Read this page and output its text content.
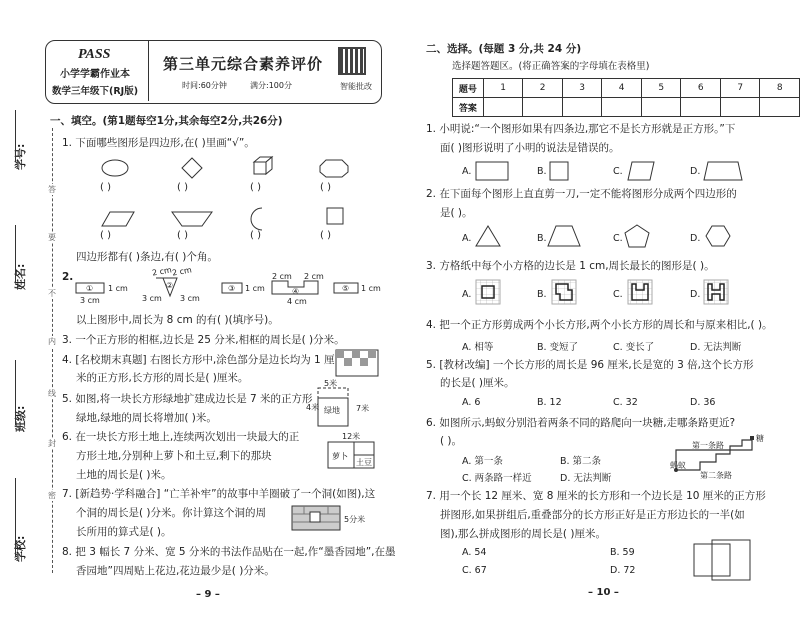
学号:
姓名:
班级:
学校:
答
要
不
内
线
封
密
PASS
小学学霸作业本
数学三年级下(RJ版)
第三单元综合素养评价
时间:60分钟	满分:100分	智能批改
一、填空。(第1题每空1分,其余每空2分,共26分)
1. 下面哪些图形是四边形,在( )里画“√”。
( )	( )	( )	( )
( )	( )	( )	( )
四边形都有( )条边,有( )个角。
2.
① 1 cm
3 cm
2 cm
2 cm
②
3 cm 3 cm
③ 1 cm
2 cm 2 cm
④
4 cm
⑤ 1 cm
以上图形中,周长为 8 cm 的有( )(填序号)。
3. 一个正方形的相框,边长是 25 分米,相框的周长是( )分米。
4. [名校期末真题] 右图长方形中,涂色部分是边长均为 1 厘
米的正方形,长方形的周长是( )厘米。
5. 如图,将一块长方形绿地扩建成边长是 7 米的正方形
绿地,绿地的周长将增加( )米。
5米
4米	7米
绿地
6. 在一块长方形土地上,连续两次划出一块最大的正
方形土地,分别种上萝卜和土豆,剩下的那块
土地的周长是( )米。
12米
萝卜
土豆
7. [新趋势·学科融合] “亡羊补牢”的故事中羊圈破了一个洞(如图),这
个洞的周长是( )分米。你计算这个洞的周
长所用的算式是( )。
5分米
8. 把 3 幅长 7 分米、宽 5 分米的书法作品贴在一起,作“墨香园地”,在墨
香园地”四周贴上花边,花边最少是( )分米。
– 9 –
二、选择。(每题 3 分,共 24 分)
选择题答题区。(将正确答案的字母填在表格里)
题号	1	2	3	4	5	6	7	8
答案								
1. 小明说:“一个图形如果有四条边,那它不是长方形就是正方形。”下
面( )图形说明了小明的说法是错误的。
A.	B.	C.	D.
2. 在下面每个图形上直直剪一刀,一定不能将图形分成两个四边形的
是( )。
A.	B.	C.	D.
3. 方格纸中每个小方格的边长是 1 cm,周长最长的图形是( )。
A.	B.	C.	D.
4. 把一个正方形剪成两个小长方形,两个小长方形的周长和与原来相比,( )。
A. 相等	B. 变短了	C. 变长了	D. 无法判断
5. [教材改编] 一个长方形的周长是 96 厘米,长是宽的 3 倍,这个长方形
的长是( )厘米。
A. 6	B. 12	C. 32	D. 36
6. 如图所示,蚂蚁分别沿着两条不同的路爬向一块糖,走哪条路更近?
( )。
A. 第一条	B. 第二条
C. 两条路一样近	D. 无法判断
第一条路
第二条路
蚂蚁
糖
7. 用一个长 12 厘米、宽 8 厘米的长方形和一个边长是 10 厘米的正方形
拼图形,如果拼组后,重叠部分的长方形正好是正方形边长的一半(如
图),那么拼成图形的周长是( )厘米。
A. 54	B. 59
C. 67	D. 72
– 10 –
